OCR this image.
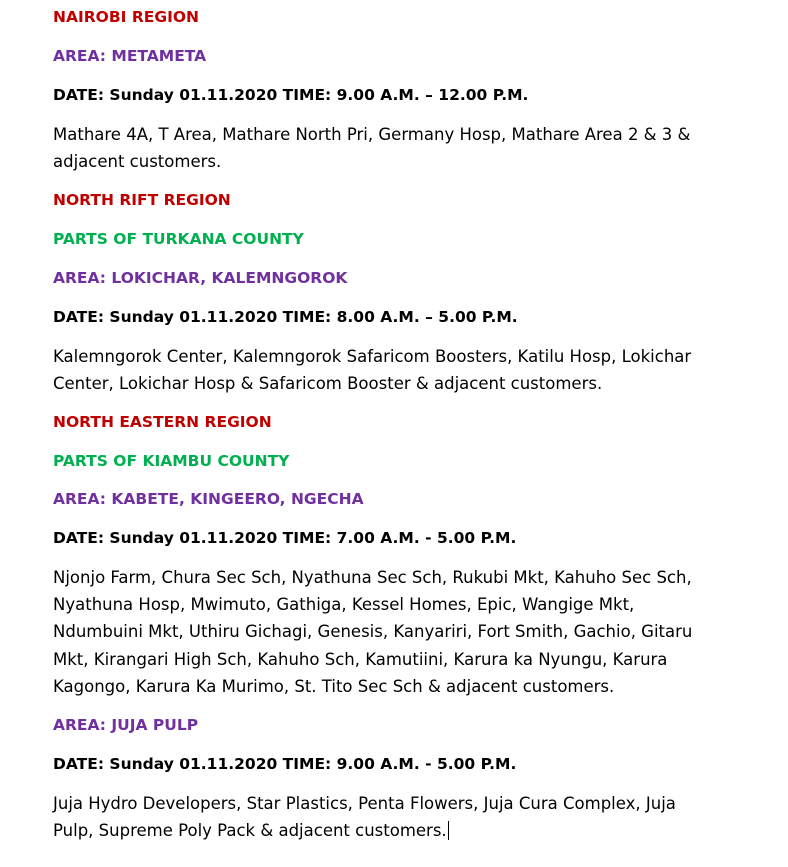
NAIROBI REGION
AREA: METAMETA
DATE: Sunday 01.11.2020 TIME: 9.00 A.M. – 12.00 P.M.
Mathare 4A, T Area, Mathare North Pri, Germany Hosp, Mathare Area 2 & 3 &
adjacent customers.
NORTH RIFT REGION
PARTS OF TURKANA COUNTY
AREA: LOKICHAR, KALEMNGOROK
DATE: Sunday 01.11.2020 TIME: 8.00 A.M. – 5.00 P.M.
Kalemngorok Center, Kalemngorok Safaricom Boosters, Katilu Hosp, Lokichar
Center, Lokichar Hosp & Safaricom Booster & adjacent customers.
NORTH EASTERN REGION
PARTS OF KIAMBU COUNTY
AREA: KABETE, KINGEERO, NGECHA
DATE: Sunday 01.11.2020 TIME: 7.00 A.M. - 5.00 P.M.
Njonjo Farm, Chura Sec Sch, Nyathuna Sec Sch, Rukubi Mkt, Kahuho Sec Sch,
Nyathuna Hosp, Mwimuto, Gathiga, Kessel Homes, Epic, Wangige Mkt,
Ndumbuini Mkt, Uthiru Gichagi, Genesis, Kanyariri, Fort Smith, Gachio, Gitaru
Mkt, Kirangari High Sch, Kahuho Sch, Kamutiini, Karura ka Nyungu, Karura
Kagongo, Karura Ka Murimo, St. Tito Sec Sch & adjacent customers.
AREA: JUJA PULP
DATE: Sunday 01.11.2020 TIME: 9.00 A.M. - 5.00 P.M.
Juja Hydro Developers, Star Plastics, Penta Flowers, Juja Cura Complex, Juja
Pulp, Supreme Poly Pack & adjacent customers.
